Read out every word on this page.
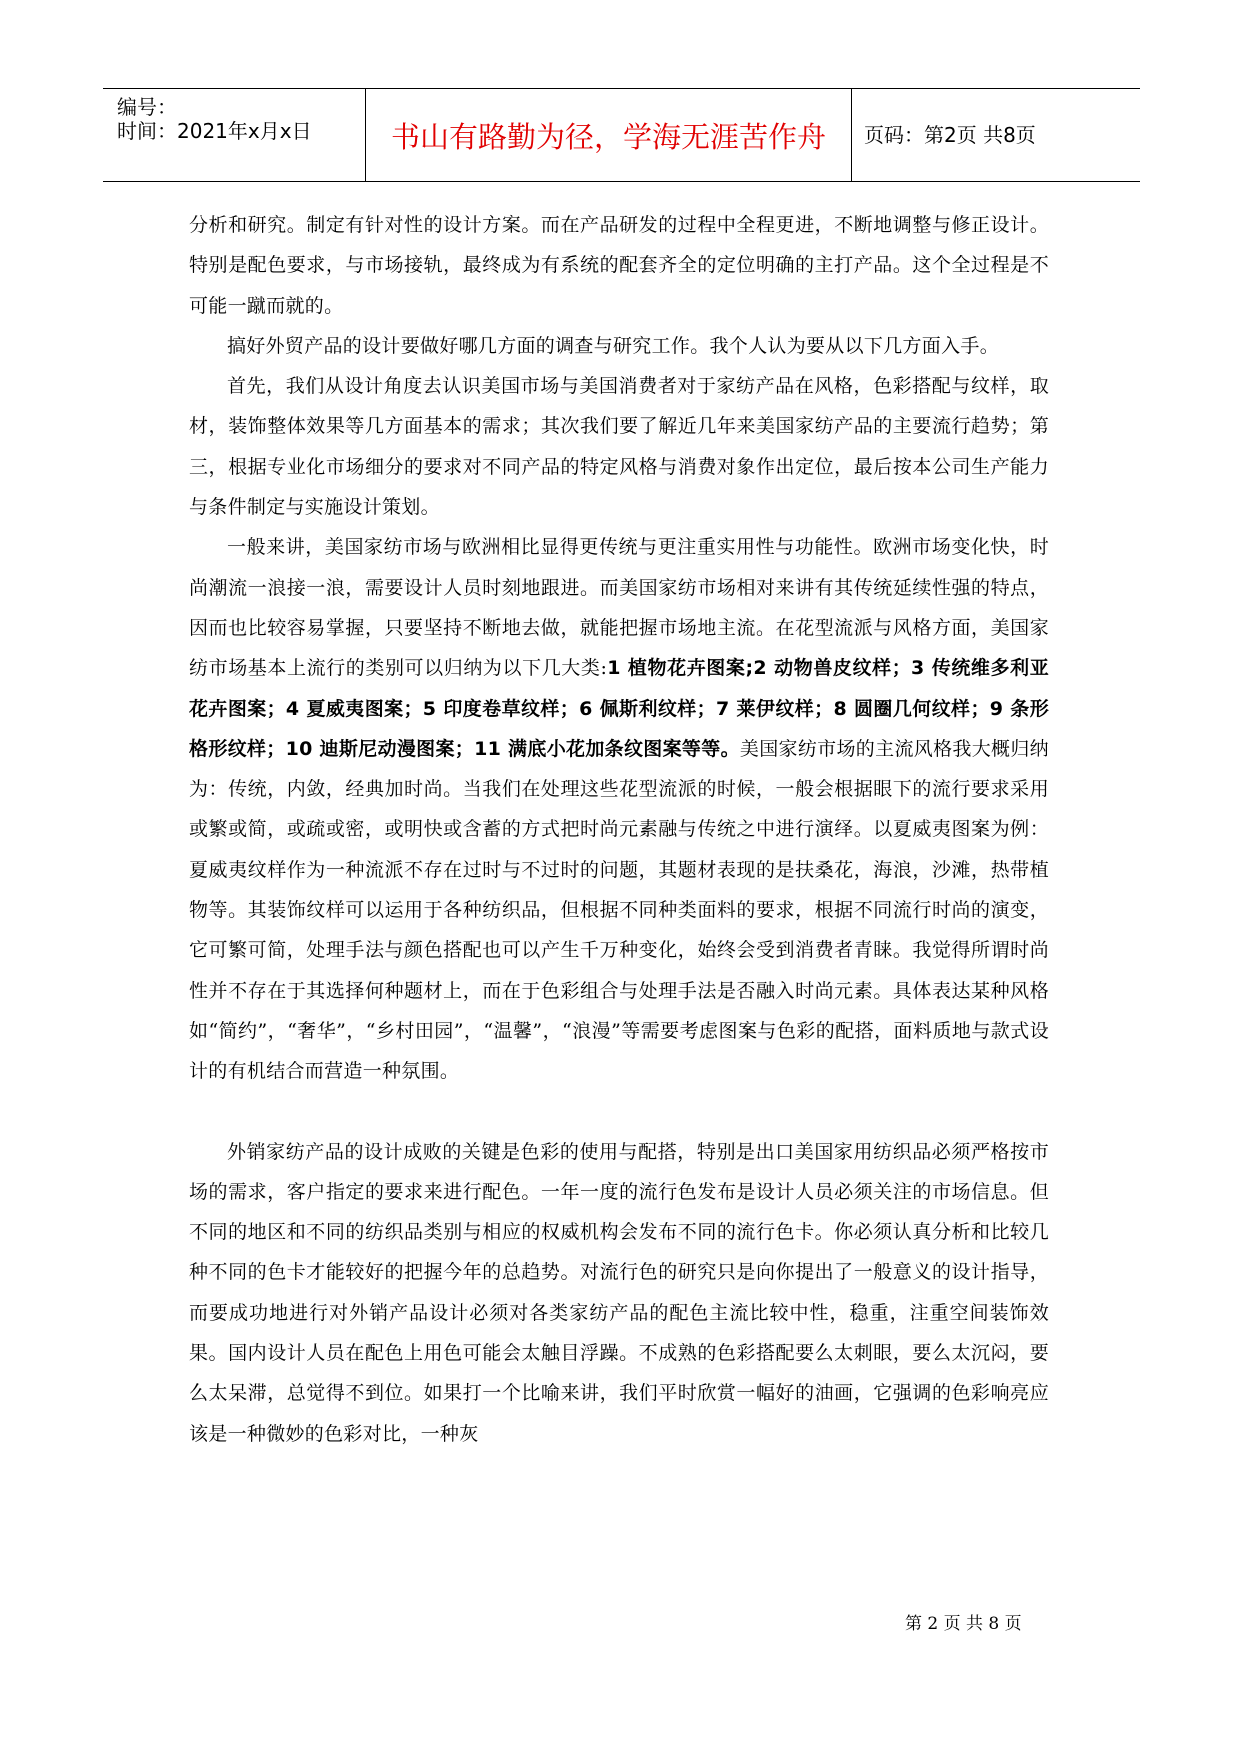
编号：
时间：2021年x月x日	书山有路勤为径，学海无涯苦作舟	页码：第2页 共8页

分析和研究。制定有针对性的设计方案。而在产品研发的过程中全程更进，不断地调整与修正设计。特别是配色要求，与市场接轨，最终成为有系统的配套齐全的定位明确的主打产品。这个全过程是不可能一蹴而就的。

搞好外贸产品的设计要做好哪几方面的调查与研究工作。我个人认为要从以下几方面入手。

首先，我们从设计角度去认识美国市场与美国消费者对于家纺产品在风格，色彩搭配与纹样，取材，装饰整体效果等几方面基本的需求；其次我们要了解近几年来美国家纺产品的主要流行趋势；第三，根据专业化市场细分的要求对不同产品的特定风格与消费对象作出定位，最后按本公司生产能力与条件制定与实施设计策划。

一般来讲，美国家纺市场与欧洲相比显得更传统与更注重实用性与功能性。欧洲市场变化快，时尚潮流一浪接一浪，需要设计人员时刻地跟进。而美国家纺市场相对来讲有其传统延续性强的特点，因而也比较容易掌握，只要坚持不断地去做，就能把握市场地主流。在花型流派与风格方面，美国家纺市场基本上流行的类别可以归纳为以下几大类:1 植物花卉图案;2 动物兽皮纹样；3 传统维多利亚花卉图案；4 夏威夷图案；5 印度卷草纹样；6 佩斯利纹样；7 莱伊纹样；8 圆圈几何纹样；9 条形格形纹样；10 迪斯尼动漫图案；11 满底小花加条纹图案等等。美国家纺市场的主流风格我大概归纳为：传统，内敛，经典加时尚。当我们在处理这些花型流派的时候，一般会根据眼下的流行要求采用或繁或简，或疏或密，或明快或含蓄的方式把时尚元素融与传统之中进行演绎。以夏威夷图案为例：夏威夷纹样作为一种流派不存在过时与不过时的问题，其题材表现的是扶桑花，海浪，沙滩，热带植物等。其装饰纹样可以运用于各种纺织品，但根据不同种类面料的要求，根据不同流行时尚的演变，它可繁可简，处理手法与颜色搭配也可以产生千万种变化，始终会受到消费者青睐。我觉得所谓时尚性并不存在于其选择何种题材上，而在于色彩组合与处理手法是否融入时尚元素。具体表达某种风格如“简约”，“奢华”，“乡村田园”，“温馨”，“浪漫”等需要考虑图案与色彩的配搭，面料质地与款式设计的有机结合而营造一种氛围。

外销家纺产品的设计成败的关键是色彩的使用与配搭，特别是出口美国家用纺织品必须严格按市场的需求，客户指定的要求来进行配色。一年一度的流行色发布是设计人员必须关注的市场信息。但不同的地区和不同的纺织品类别与相应的权威机构会发布不同的流行色卡。你必须认真分析和比较几种不同的色卡才能较好的把握今年的总趋势。对流行色的研究只是向你提出了一般意义的设计指导，而要成功地进行对外销产品设计必须对各类家纺产品的配色主流比较中性，稳重，注重空间装饰效果。国内设计人员在配色上用色可能会太触目浮躁。不成熟的色彩搭配要么太刺眼，要么太沉闷，要么太呆滞，总觉得不到位。如果打一个比喻来讲，我们平时欣赏一幅好的油画，它强调的色彩响亮应该是一种微妙的色彩对比，一种灰

第 2 页 共 8 页
